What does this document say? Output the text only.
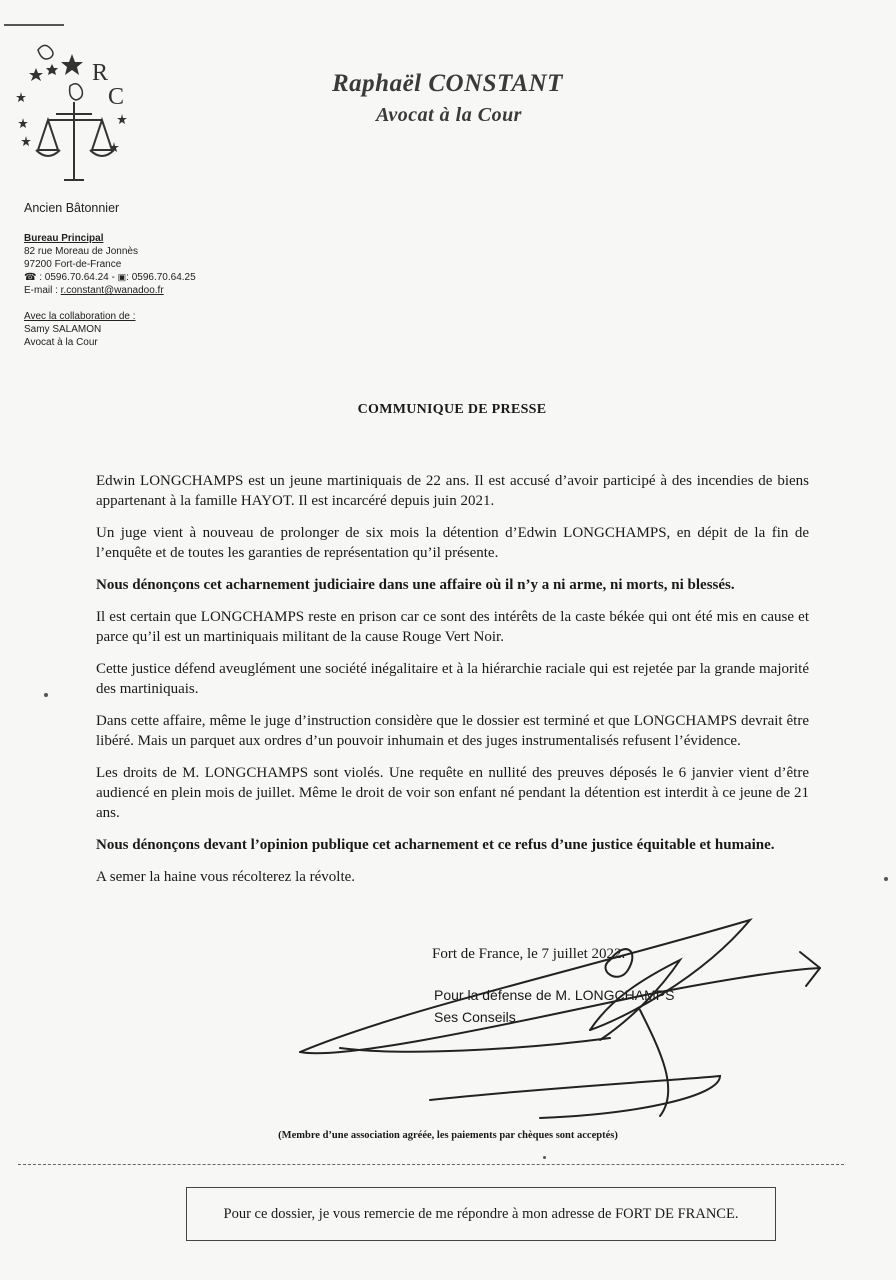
R
C	Raphaël CONSTANT
Avocat à la Cour
Ancien Bâtonnier
Bureau Principal
82 rue Moreau de Jonnès
97200 Fort-de-France
☎ : 0596.70.64.24 - ▣: 0596.70.64.25
E-mail : r.constant@wanadoo.fr
Avec la collaboration de :
Samy SALAMON
Avocat à la Cour
COMMUNIQUE DE PRESSE

Edwin LONGCHAMPS est un jeune martiniquais de 22 ans. Il est accusé d’avoir participé à des incendies de biens appartenant à la famille HAYOT. Il est incarcéré depuis juin 2021.

Un juge vient à nouveau de prolonger de six mois la détention d’Edwin LONGCHAMPS, en dépit de la fin de l’enquête et de toutes les garanties de représentation qu’il présente.

Nous dénonçons cet acharnement judiciaire dans une affaire où il n’y a ni arme, ni morts, ni blessés.

Il est certain que LONGCHAMPS reste en prison car ce sont des intérêts de la caste békée qui ont été mis en cause et parce qu’il est un martiniquais militant de la cause Rouge Vert Noir.

Cette justice défend aveuglément une société inégalitaire et à la hiérarchie raciale qui est rejetée par la grande majorité des martiniquais.

Dans cette affaire, même le juge d’instruction considère que le dossier est terminé et que LONGCHAMPS devrait être libéré. Mais un parquet aux ordres d’un pouvoir inhumain et des juges instrumentalisés refusent l’évidence.

Les droits de M. LONGCHAMPS sont violés. Une requête en nullité des preuves déposés le 6 janvier vient d’être audiencé en plein mois de juillet. Même le droit de voir son enfant né pendant la détention est interdit à ce jeune de 21 ans.

Nous dénonçons devant l’opinion publique cet acharnement et ce refus d’une justice équitable et humaine.

A semer la haine vous récolterez la révolte.

Fort de France, le 7 juillet 2022.
Pour la défense de M. LONGCHAMPS
Ses Conseils
(Membre d’une association agréée, les paiements par chèques sont acceptés)
Pour ce dossier, je vous remercie de me répondre à mon adresse de FORT DE FRANCE.
